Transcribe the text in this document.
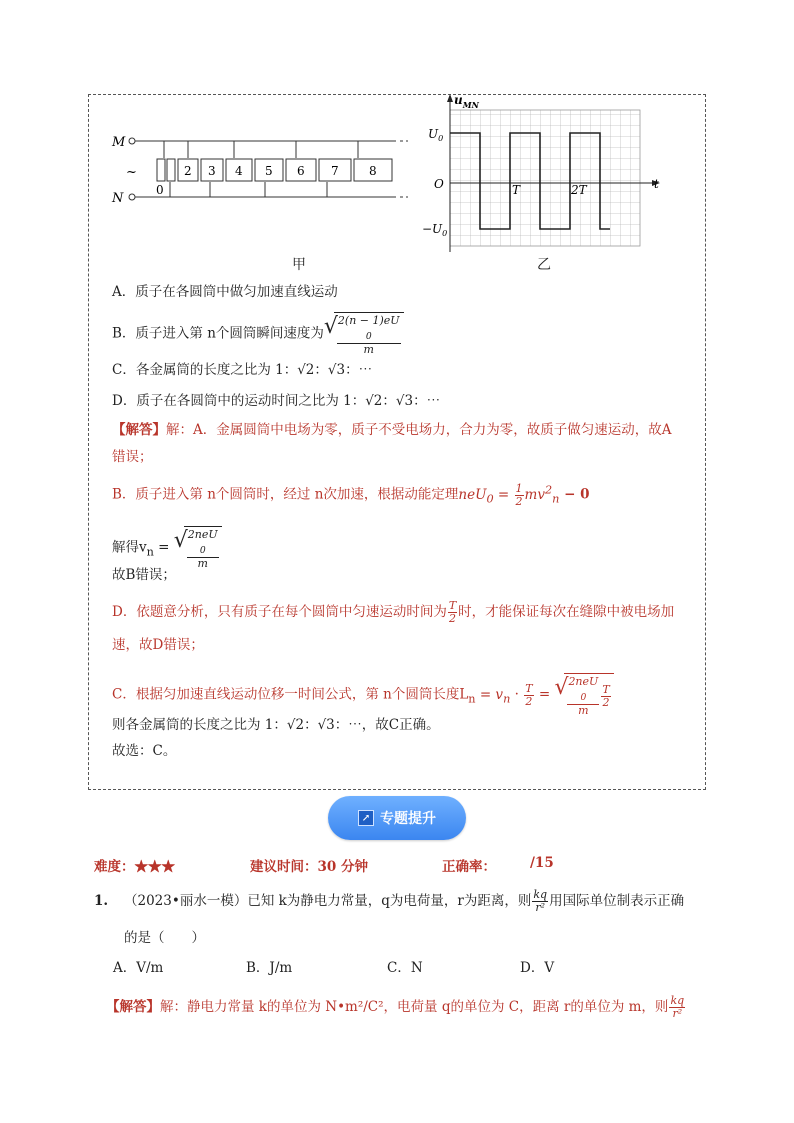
M
N
~
0
2 3 4 5 6 7	8
甲
$u_{MN}$
t
$U_0$
O
$-U_0$
T	2T
乙
A．质子在各圆筒中做匀加速直线运动
B．质子进入第 n个圆筒瞬间速度为 √ 2(n − 1)eU
$_0$
m
C．各金属筒的长度之比为 1：√2：√3：⋯
D．质子在各圆筒中的运动时间之比为 1：√2：√3：⋯
【解答】解：A．金属圆筒中电场为零，质子不受电场力，合力为零，故质子做匀速运动，故A
错误；
B．质子进入第 n个圆筒时，经过 n次加速，根据动能定理$neU_0 = \frac{1}{2} mv^2_n - 0$
解得$v_n$ = √ 2neU
$_0$
m
故B错误；
D．依题意分析，只有质子在每个圆筒中匀速运动时间为 $\frac{T}{2}$ 时，才能保证每次在缝隙中被电场加
速，故D错误；
C．根据匀加速直线运动位移一时间公式，第 n个圆筒长度$L_n = v_n \cdot \frac{T}{2}$ = √ 2neU
$_0$
m $\frac{T}{2}$
则各金属筒的长度之比为 1：√2：√3：⋯，故C正确。
故选：C。
↗ 专题提升
难度：★★★	建议时间：30 分钟	正确率：	/15
1. （2023•丽水一模）已知 k为静电力常量，q为电荷量，r为距离，则 $\frac{kq}{\text{r²}}$ 用国际单位制表示正确
的是（　　）
A．V/m	B．J/m	C．N	D．V
【解答】解：静电力常量 k的单位为 N•m²/C²，电荷量 q的单位为 C，距离 r的单位为 m，则 $\frac{kq}{\text{r²}}$
